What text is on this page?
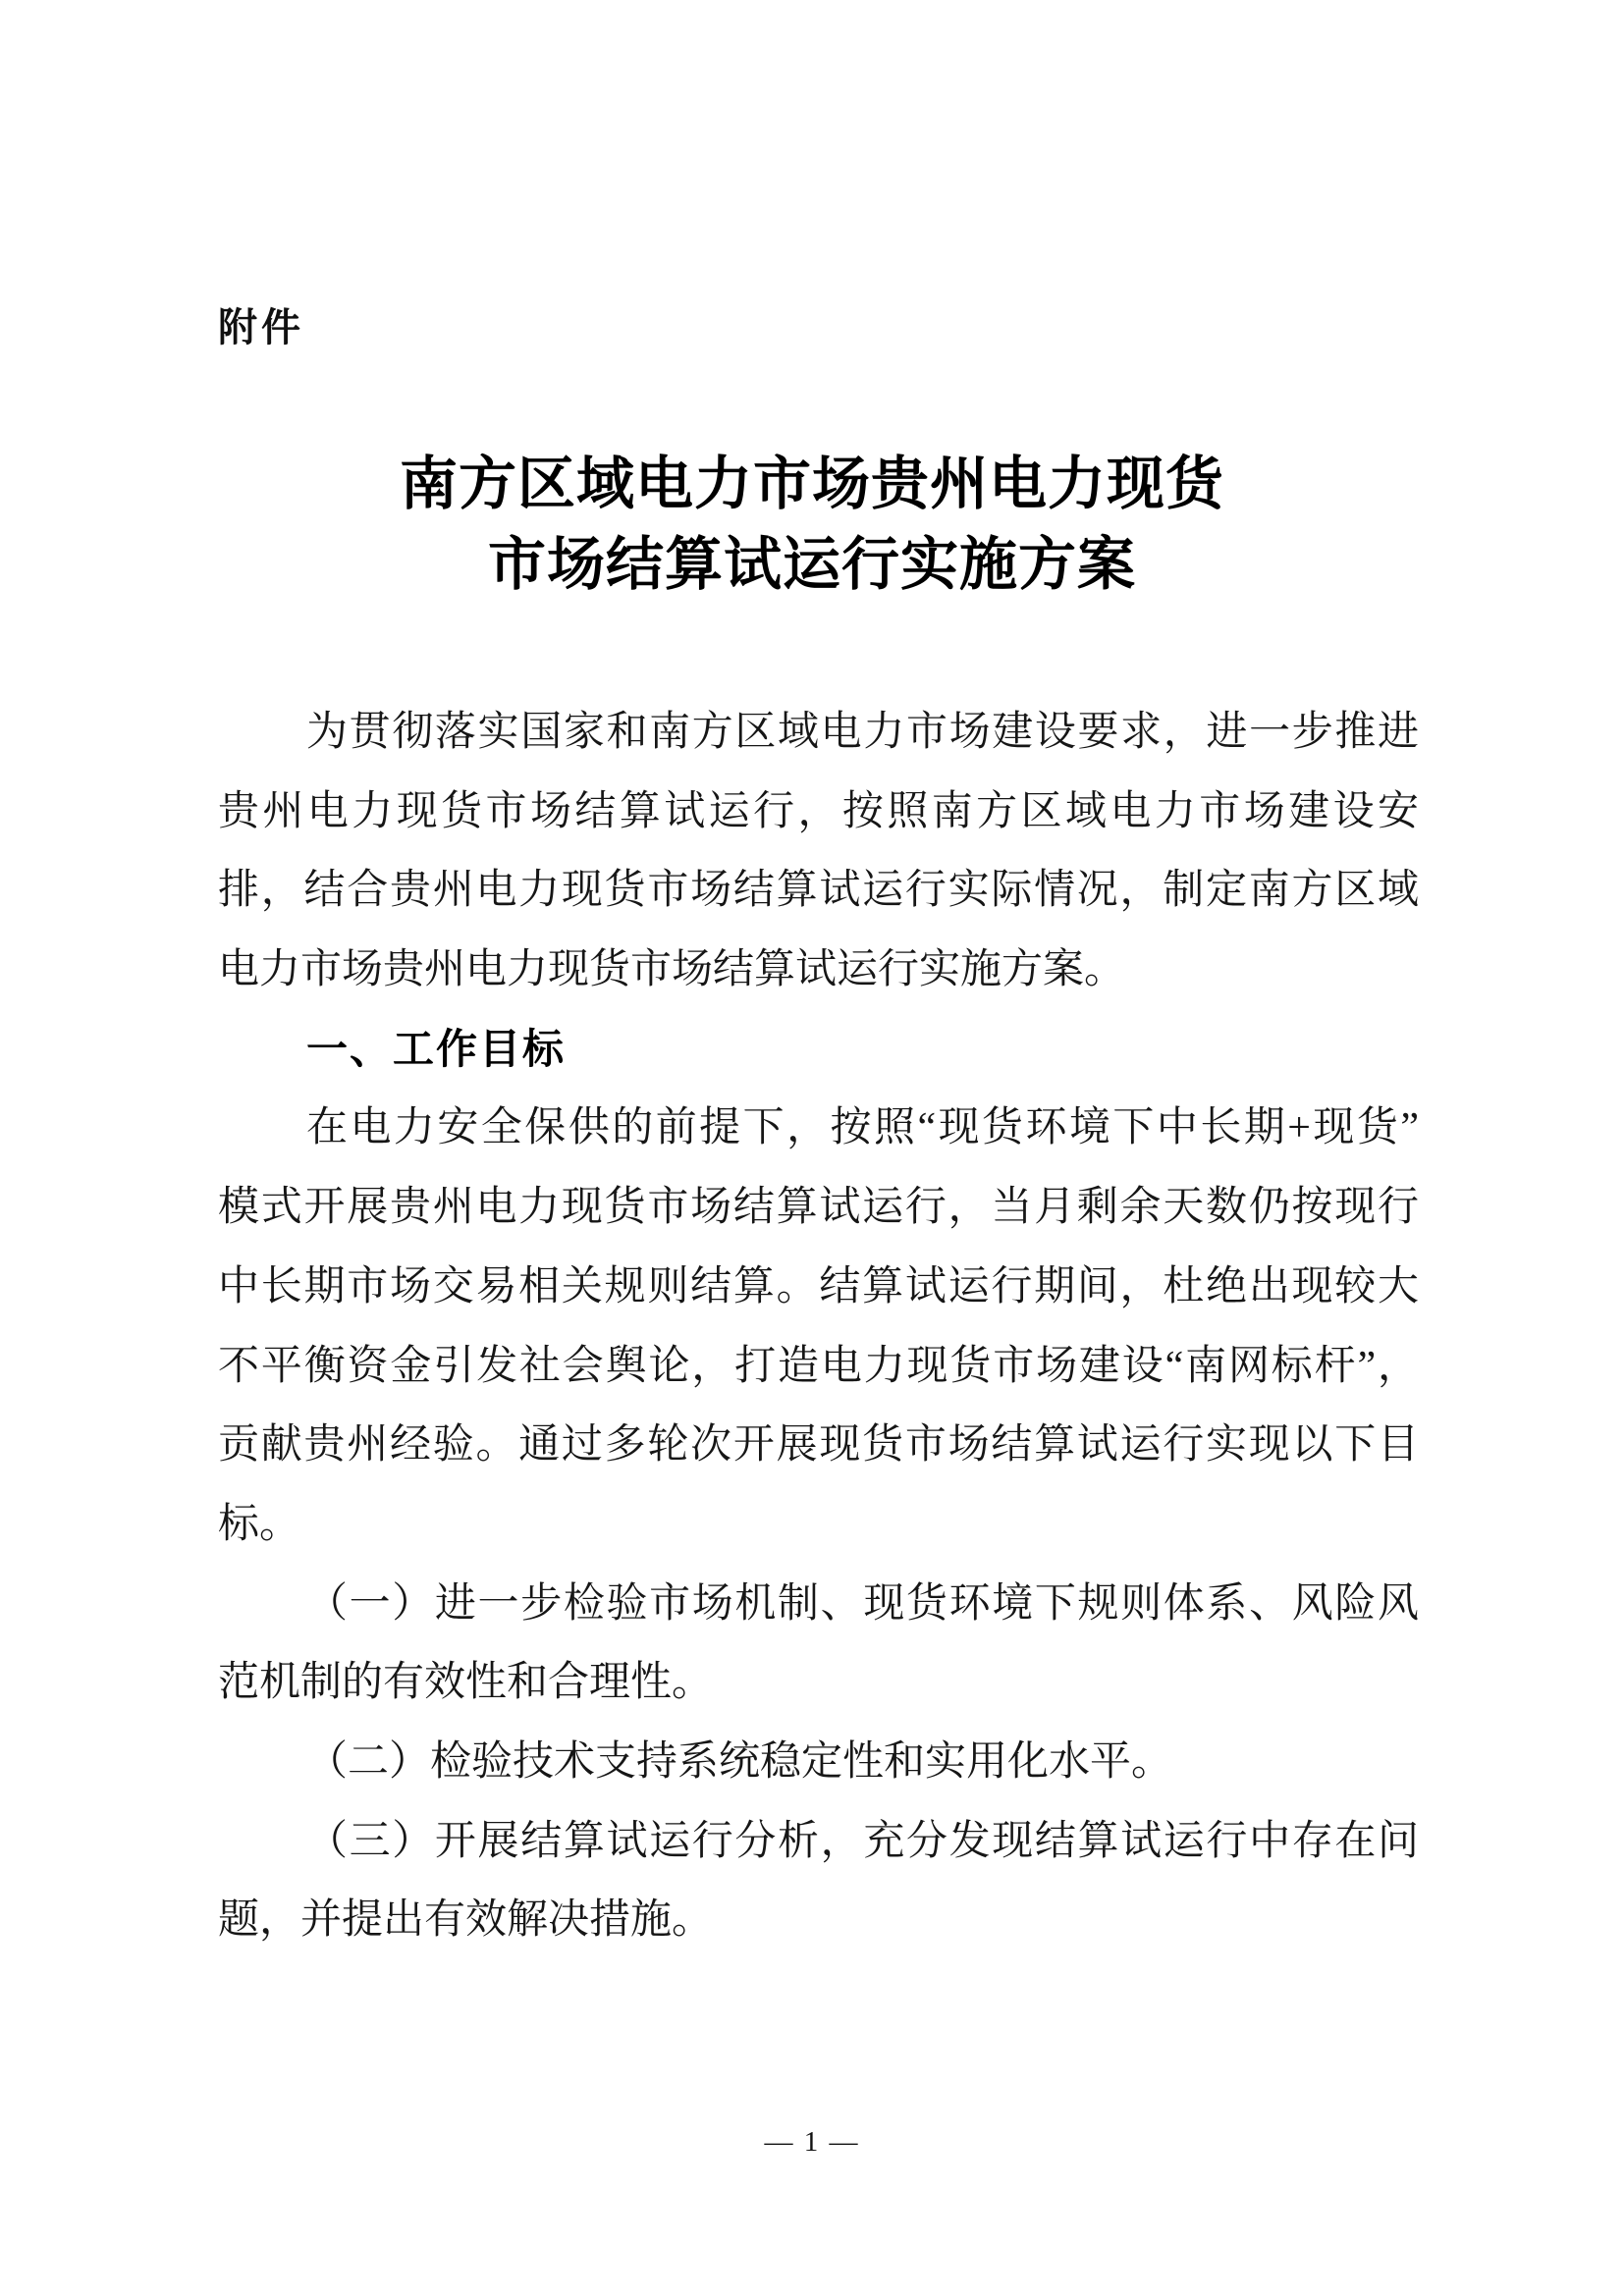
附件
南方区域电力市场贵州电力现货
市场结算试运行实施方案
为贯彻落实国家和南方区域电力市场建设要求，进一步推进
贵州电力现货市场结算试运行，按照南方区域电力市场建设安
排，结合贵州电力现货市场结算试运行实际情况，制定南方区域
电力市场贵州电力现货市场结算试运行实施方案。
一、工作目标
在电力安全保供的前提下，按照“现货环境下中长期+现货”
模式开展贵州电力现货市场结算试运行，当月剩余天数仍按现行
中长期市场交易相关规则结算。结算试运行期间，杜绝出现较大
不平衡资金引发社会舆论，打造电力现货市场建设“南网标杆”，
贡献贵州经验。通过多轮次开展现货市场结算试运行实现以下目
标。
（一）进一步检验市场机制、现货环境下规则体系、风险风
范机制的有效性和合理性。
（二）检验技术支持系统稳定性和实用化水平。
（三）开展结算试运行分析，充分发现结算试运行中存在问
题，并提出有效解决措施。
— 1 —
